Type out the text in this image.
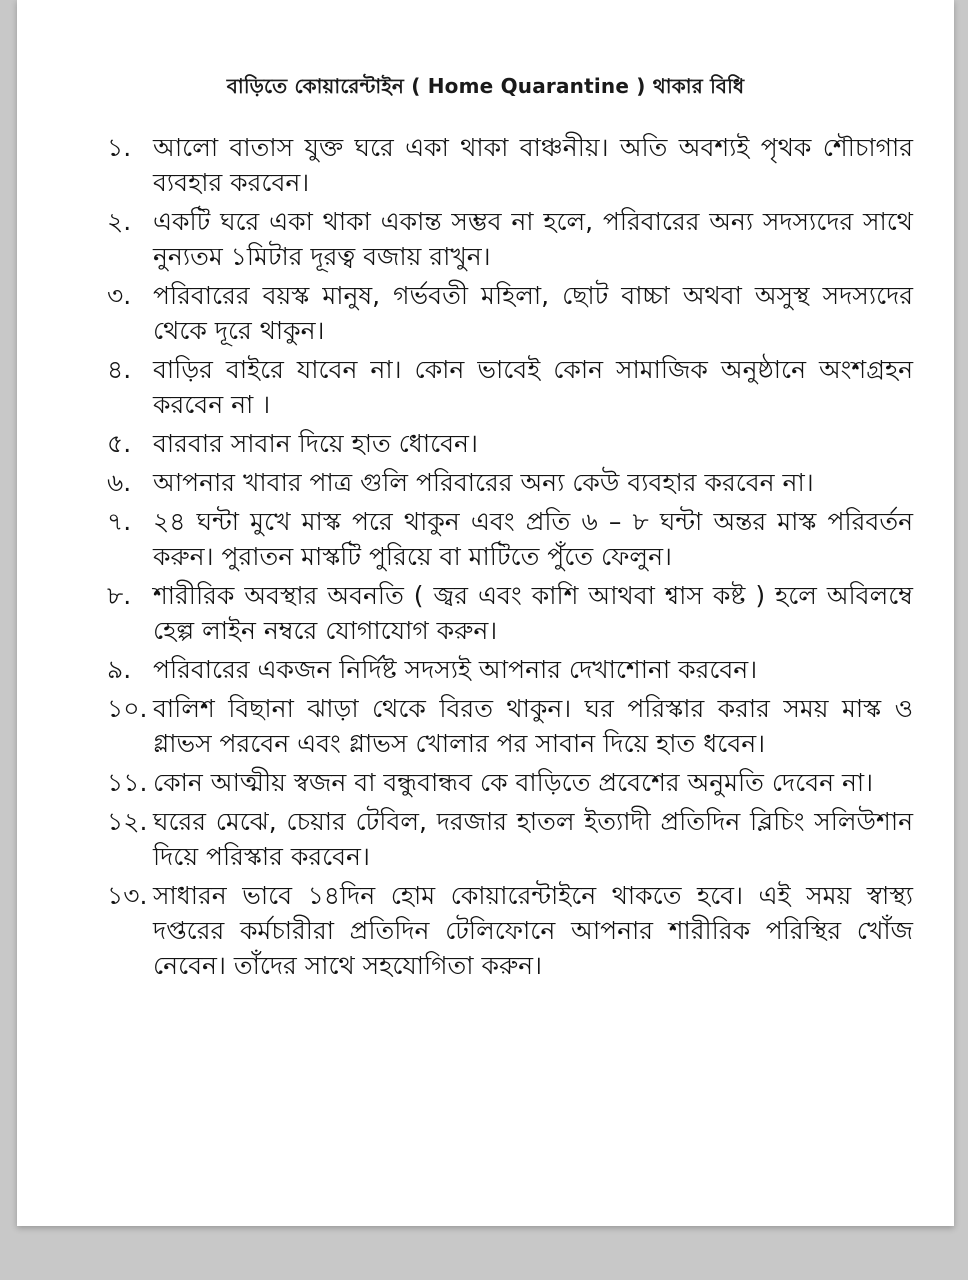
বাড়িতে কোয়ারেন্টাইন ( Home Quarantine ) থাকার বিধি
১. আলো বাতাস যুক্ত ঘরে একা থাকা বাঞ্চনীয়। অতি অবশ্যই পৃথক শৌচাগার ব্যবহার করবেন।
২. একটি ঘরে একা থাকা একান্ত সম্ভব না হলে, পরিবারের অন্য সদস্যদের সাথে নুন্যতম ১মিটার দূরত্ব বজায় রাখুন।
৩. পরিবারের বয়স্ক মানুষ, গর্ভবতী মহিলা, ছোট বাচ্চা অথবা অসুস্থ সদস্যদের থেকে দূরে থাকুন।
৪. বাড়ির বাইরে যাবেন না। কোন ভাবেই কোন সামাজিক অনুষ্ঠানে অংশগ্রহন করবেন না ।
৫. বারবার সাবান দিয়ে হাত ধোবেন।
৬. আপনার খাবার পাত্র গুলি পরিবারের অন্য কেউ ব্যবহার করবেন না।
৭. ২৪ ঘন্টা মুখে মাস্ক পরে থাকুন এবং প্রতি ৬ – ৮ ঘন্টা অন্তর মাস্ক পরিবর্তন করুন। পুরাতন মাস্কটি পুরিয়ে বা মাটিতে পুঁতে ফেলুন।
৮. শারীরিক অবস্থার অবনতি ( জ্বর এবং কাশি আথবা শ্বাস কষ্ট ) হলে অবিলম্বে হেল্প লাইন নম্বরে যোগাযোগ করুন।
৯. পরিবারের একজন নির্দিষ্ট সদস্যই আপনার দেখাশোনা করবেন।
১০. বালিশ বিছানা ঝাড়া থেকে বিরত থাকুন। ঘর পরিস্কার করার সময় মাস্ক ও গ্লাভস পরবেন এবং গ্লাভস খোলার পর সাবান দিয়ে হাত ধবেন।
১১. কোন আত্মীয় স্বজন বা বন্ধুবান্ধব কে বাড়িতে প্রবেশের অনুমতি দেবেন না।
১২. ঘরের মেঝে, চেয়ার টেবিল, দরজার হাতল ইত্যাদী প্রতিদিন ব্লিচিং সলিউশান দিয়ে পরিস্কার করবেন।
১৩. সাধারন ভাবে ১৪দিন হোম কোয়ারেন্টাইনে থাকতে হবে। এই সময় স্বাস্থ্য দপ্তরের কর্মচারীরা প্রতিদিন টেলিফোনে আপনার শারীরিক পরিস্থির খোঁজ নেবেন। তাঁদের সাথে সহযোগিতা করুন।
